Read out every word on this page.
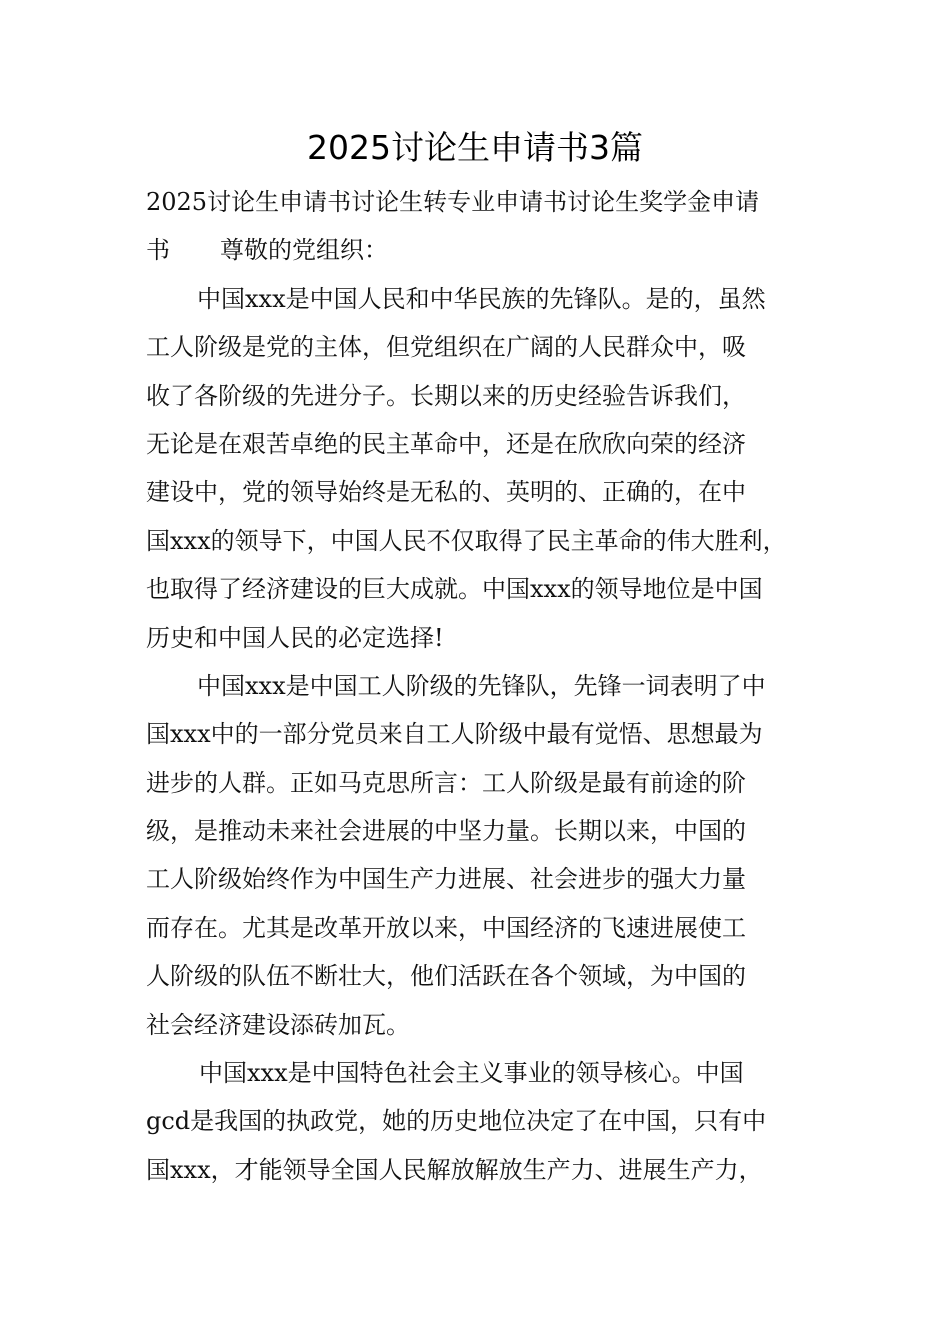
2025讨论生申请书3篇
2025讨论生申请书讨论生转专业申请书讨论生奖学金申请
书 尊敬的党组织：
中国xxx是中国人民和中华民族的先锋队。是的，虽然
工人阶级是党的主体，但党组织在广阔的人民群众中，吸
收了各阶级的先进分子。长期以来的历史经验告诉我们，
无论是在艰苦卓绝的民主革命中，还是在欣欣向荣的经济
建设中，党的领导始终是无私的、英明的、正确的，在中
国xxx的领导下，中国人民不仅取得了民主革命的伟大胜利，
也取得了经济建设的巨大成就。中国xxx的领导地位是中国
历史和中国人民的必定选择!
中国xxx是中国工人阶级的先锋队，先锋一词表明了中
国xxx中的一部分党员来自工人阶级中最有觉悟、思想最为
进步的人群。正如马克思所言：工人阶级是最有前途的阶
级，是推动未来社会进展的中坚力量。长期以来，中国的
工人阶级始终作为中国生产力进展、社会进步的强大力量
而存在。尤其是改革开放以来，中国经济的飞速进展使工
人阶级的队伍不断壮大，他们活跃在各个领域，为中国的
社会经济建设添砖加瓦。
中国xxx是中国特色社会主义事业的领导核心。中国
gcd是我国的执政党，她的历史地位决定了在中国，只有中
国xxx，才能领导全国人民解放解放生产力、进展生产力，
